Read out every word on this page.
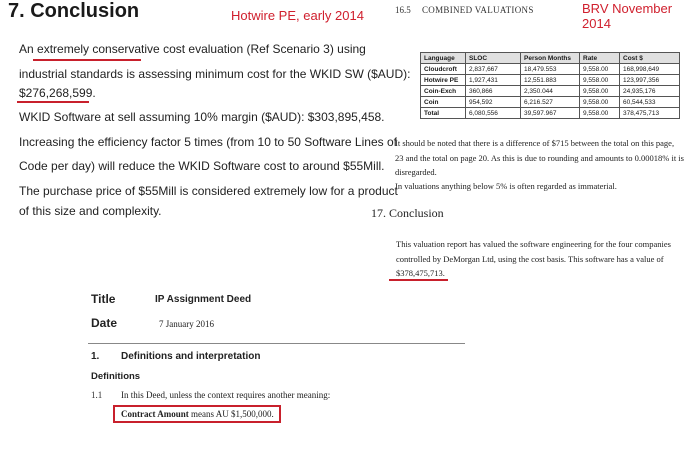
7. Conclusion	Hotwire PE, early 2014
An extremely conservative cost evaluation (Ref Scenario 3) using
industrial standards is assessing minimum cost for the WKID SW ($AUD):
$276,268,599.
WKID Software at sell assuming 10% margin ($AUD): $303,895,458.
Increasing the efficiency factor 5 times (from 10 to 50 Software Lines of
Code per day) will reduce the WKID Software cost to around $55Mill.
The purchase price of $55Mill is considered extremely low for a product
of this size and complexity.
16.5 COMBINED VALUATIONS	BRV November 2014
Language	SLOC	Person Months	Rate	Cost $
Cloudcroft	2,837,667	18,479.553	9,558.00	168,998,649
Hotwire PE	1,927,431	12,551.883	9,558.00	123,997,356
Coin-Exch	360,866	2,350.044	9,558.00	24,935,176
Coin	954,592	6,216.527	9,558.00	60,544,533
Total	6,080,556	39,597.967	9,558.00	378,475,713
It should be noted that there is a difference of $715 between the total on this page,
23 and the total on page 20. As this is due to rounding and amounts to 0.00018% it is
disregarded.
In valuations anything below 5% is often regarded as immaterial.
17. Conclusion
This valuation report has valued the software engineering for the four companies
controlled by DeMorgan Ltd, using the cost basis. This software has a value of
$378,475,713.
Title	IP Assignment Deed
Date	7 January 2016
1. Definitions and interpretation
Definitions
1.1 In this Deed, unless the context requires another meaning:
Contract Amount means AU $1,500,000.
